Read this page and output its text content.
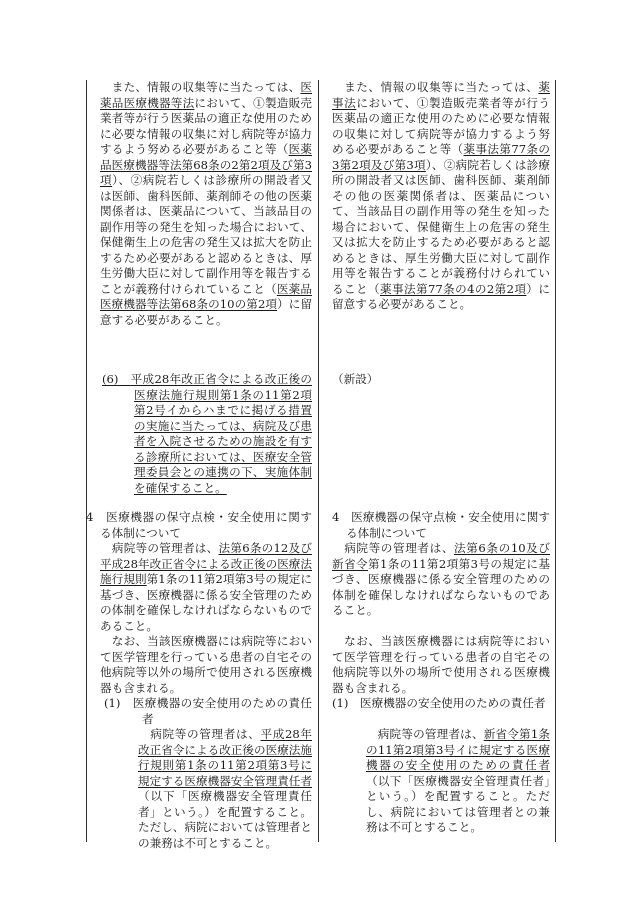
　また、情報の収集等に当たっては、医薬品医療機器等法において、①製造販売業者等が行う医薬品の適正な使用のために必要な情報の収集に対し病院等が協力するよう努める必要があること等（医薬品医療機器等法第68条の2第2項及び第3項）、②病院若しくは診療所の開設者又は医師、歯科医師、薬剤師その他の医薬関係者は、医薬品について、当該品目の副作用等の発生を知った場合において、保健衛生上の危害の発生又は拡大を防止するため必要があると認めるときは、厚生労働大臣に対して副作用等を報告することが義務付けられていること（医薬品医療機器等法第68条の10の第2項）に留意する必要があること。

(6)　 平成28年改正省令による改正後の医療法施行規則第1条の11第2項第2号イからハまでに掲げる措置の実施に当たっては、病院及び患者を入院させるための施設を有する診療所においては、医療安全管理委員会との連携の下、実施体制を確保すること。

4　医療機器の保守点検・安全使用に関する体制について

　病院等の管理者は、法第6条の12及び平成28年改正省令による改正後の医療法施行規則第1条の11第2項第3号の規定に基づき、医療機器に係る安全管理のための体制を確保しなければならないものであること。

　なお、当該医療機器には病院等において医学管理を行っている患者の自宅その他病院等以外の場所で使用される医療機器も含まれる。

(1)　医療機器の安全使用のための責任者

　病院等の管理者は、平成28年改正省令による改正後の医療法施行規則第1条の11第2項第3号に規定する医療機器安全管理責任者（以下「医療機器安全管理責任者」という。）を配置すること。ただし、病院においては管理者との兼務は不可とすること。

　また、情報の収集等に当たっては、薬事法において、①製造販売業者等が行う医薬品の適正な使用のために必要な情報の収集に対して病院等が協力するよう努める必要があること等（薬事法第77条の3第2項及び第3項）、②病院若しくは診療所の開設者又は医師、歯科医師、薬剤師その他の医薬関係者は、医薬品について、当該品目の副作用等の発生を知った場合において、保健衛生上の危害の発生又は拡大を防止するため必要があると認めるときは、厚生労働大臣に対して副作用等を報告することが義務付けられていること（薬事法第77条の4の2第2項）に留意する必要があること。

（新設）

4　医療機器の保守点検・安全使用に関する体制について

　病院等の管理者は、法第6条の10及び新省令第1条の11第2項第3号の規定に基づき、医療機器に係る安全管理のための体制を確保しなければならないものであること。

　なお、当該医療機器には病院等において医学管理を行っている患者の自宅その他病院等以外の場所で使用される医療機器も含まれる。

(1)　医療機器の安全使用のための責任者

　病院等の管理者は、新省令第1条の11第2項第3号イに規定する医療機器の安全使用のための責任者（以下「医療機器安全管理責任者」という。）を配置すること。ただし、病院においては管理者との兼務は不可とすること。
